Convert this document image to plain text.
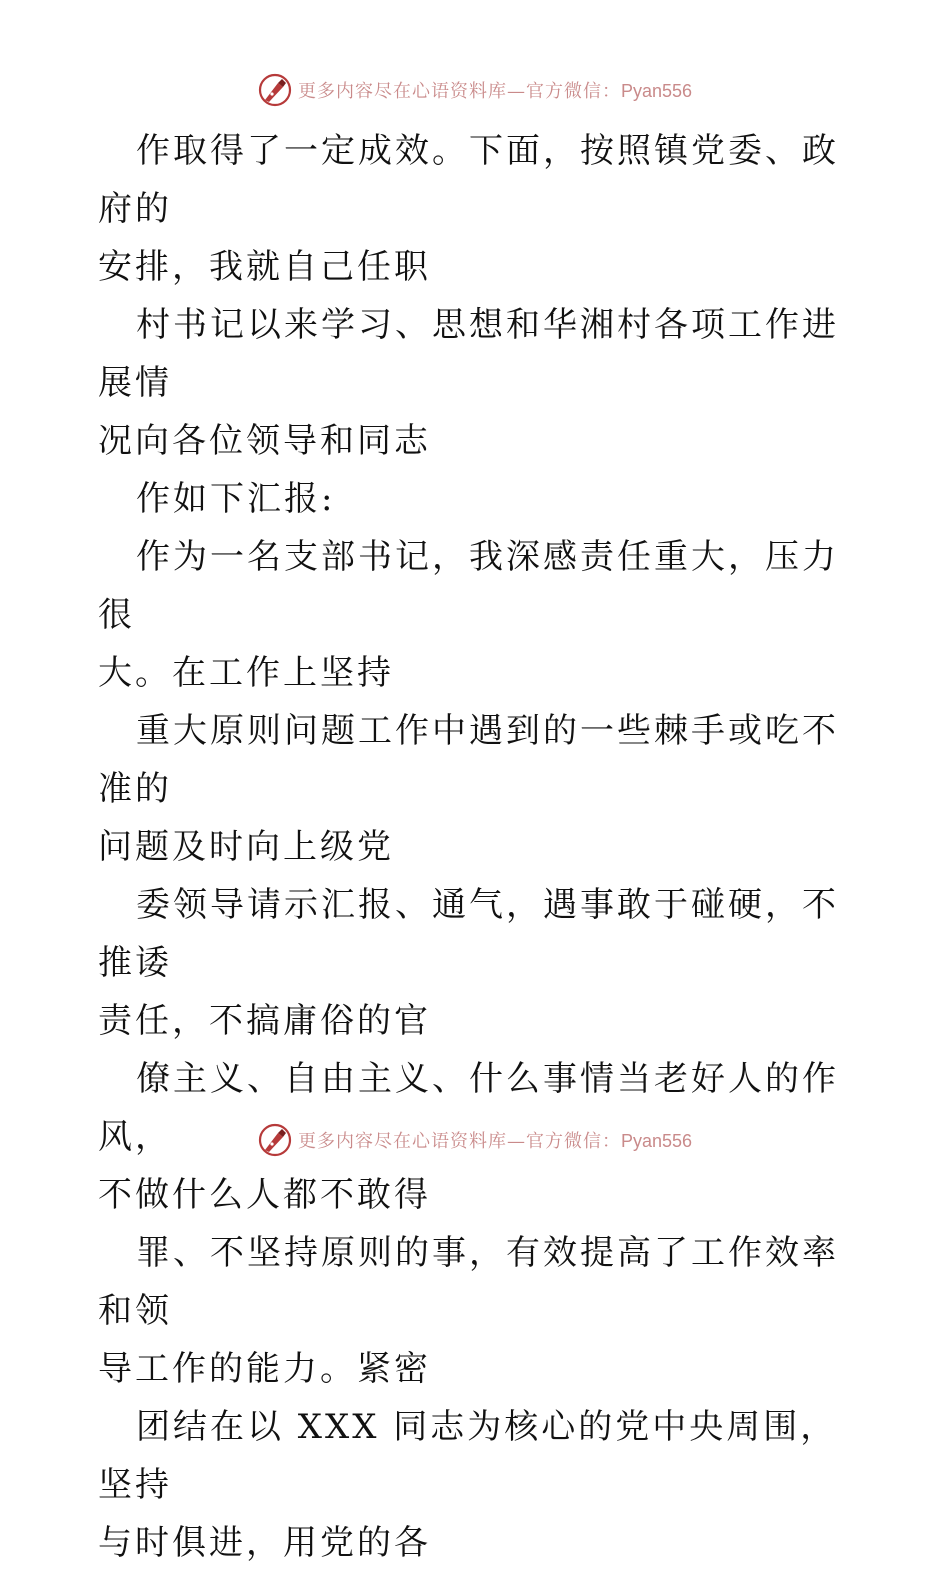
更多内容尽在心语资料库—官方微信：Pyan556

作取得了一定成效。下面，按照镇党委、政府的
安排，我就自己任职

村书记以来学习、思想和华湘村各项工作进展情
况向各位领导和同志

作如下汇报:

作为一名支部书记，我深感责任重大，压力很
大。在工作上坚持

重大原则问题工作中遇到的一些棘手或吃不准的
问题及时向上级党

委领导请示汇报、通气，遇事敢于碰硬，不推诿
责任，不搞庸俗的官

僚主义、自由主义、什么事情当老好人的作风，
不做什么人都不敢得

罪、不坚持原则的事，有效提高了工作效率和领
导工作的能力。紧密

团结在以 XXX 同志为核心的党中央周围，坚持
与时俱进，用党的各

更多内容尽在心语资料库—官方微信：Pyan556
